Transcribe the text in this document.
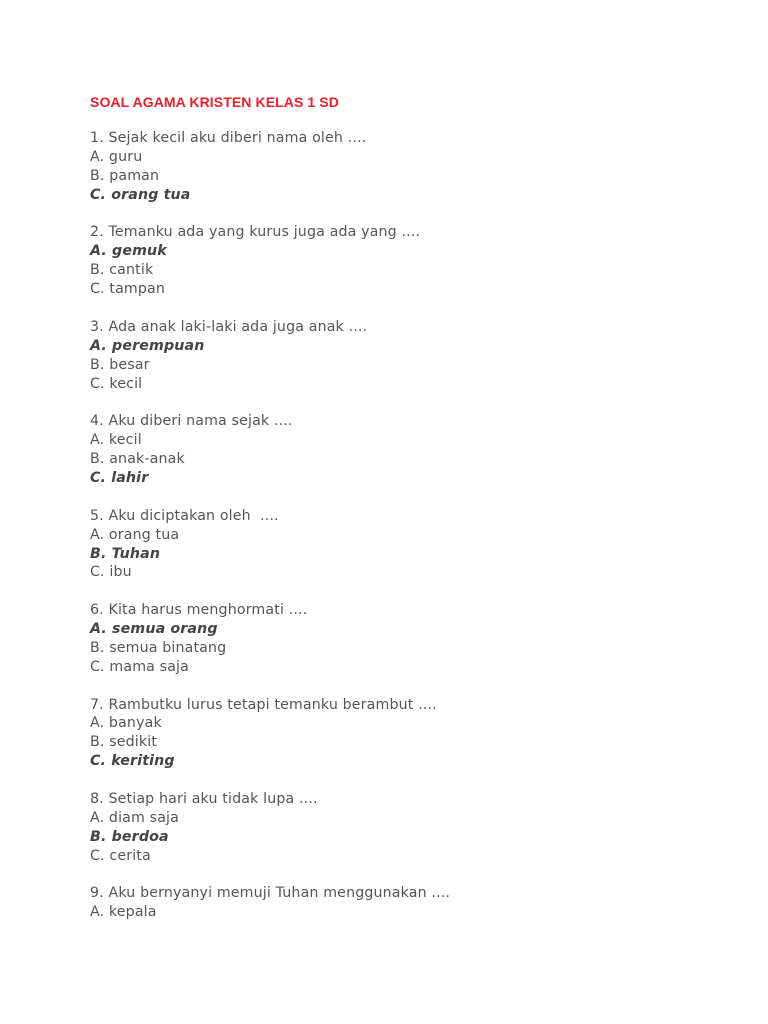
SOAL AGAMA KRISTEN KELAS 1 SD
1. Sejak kecil aku diberi nama oleh ....
A. guru
B. paman
C. orang tua
2. Temanku ada yang kurus juga ada yang ....
A. gemuk
B. cantik
C. tampan
3. Ada anak laki-laki ada juga anak ....
A. perempuan
B. besar
C. kecil
4. Aku diberi nama sejak ....
A. kecil
B. anak-anak
C. lahir
5. Aku diciptakan oleh  ....
A. orang tua
B. Tuhan
C. ibu
6. Kita harus menghormati ....
A. semua orang
B. semua binatang
C. mama saja
7. Rambutku lurus tetapi temanku berambut ....
A. banyak
B. sedikit
C. keriting
8. Setiap hari aku tidak lupa ....
A. diam saja
B. berdoa
C. cerita
9. Aku bernyanyi memuji Tuhan menggunakan ....
A. kepala
